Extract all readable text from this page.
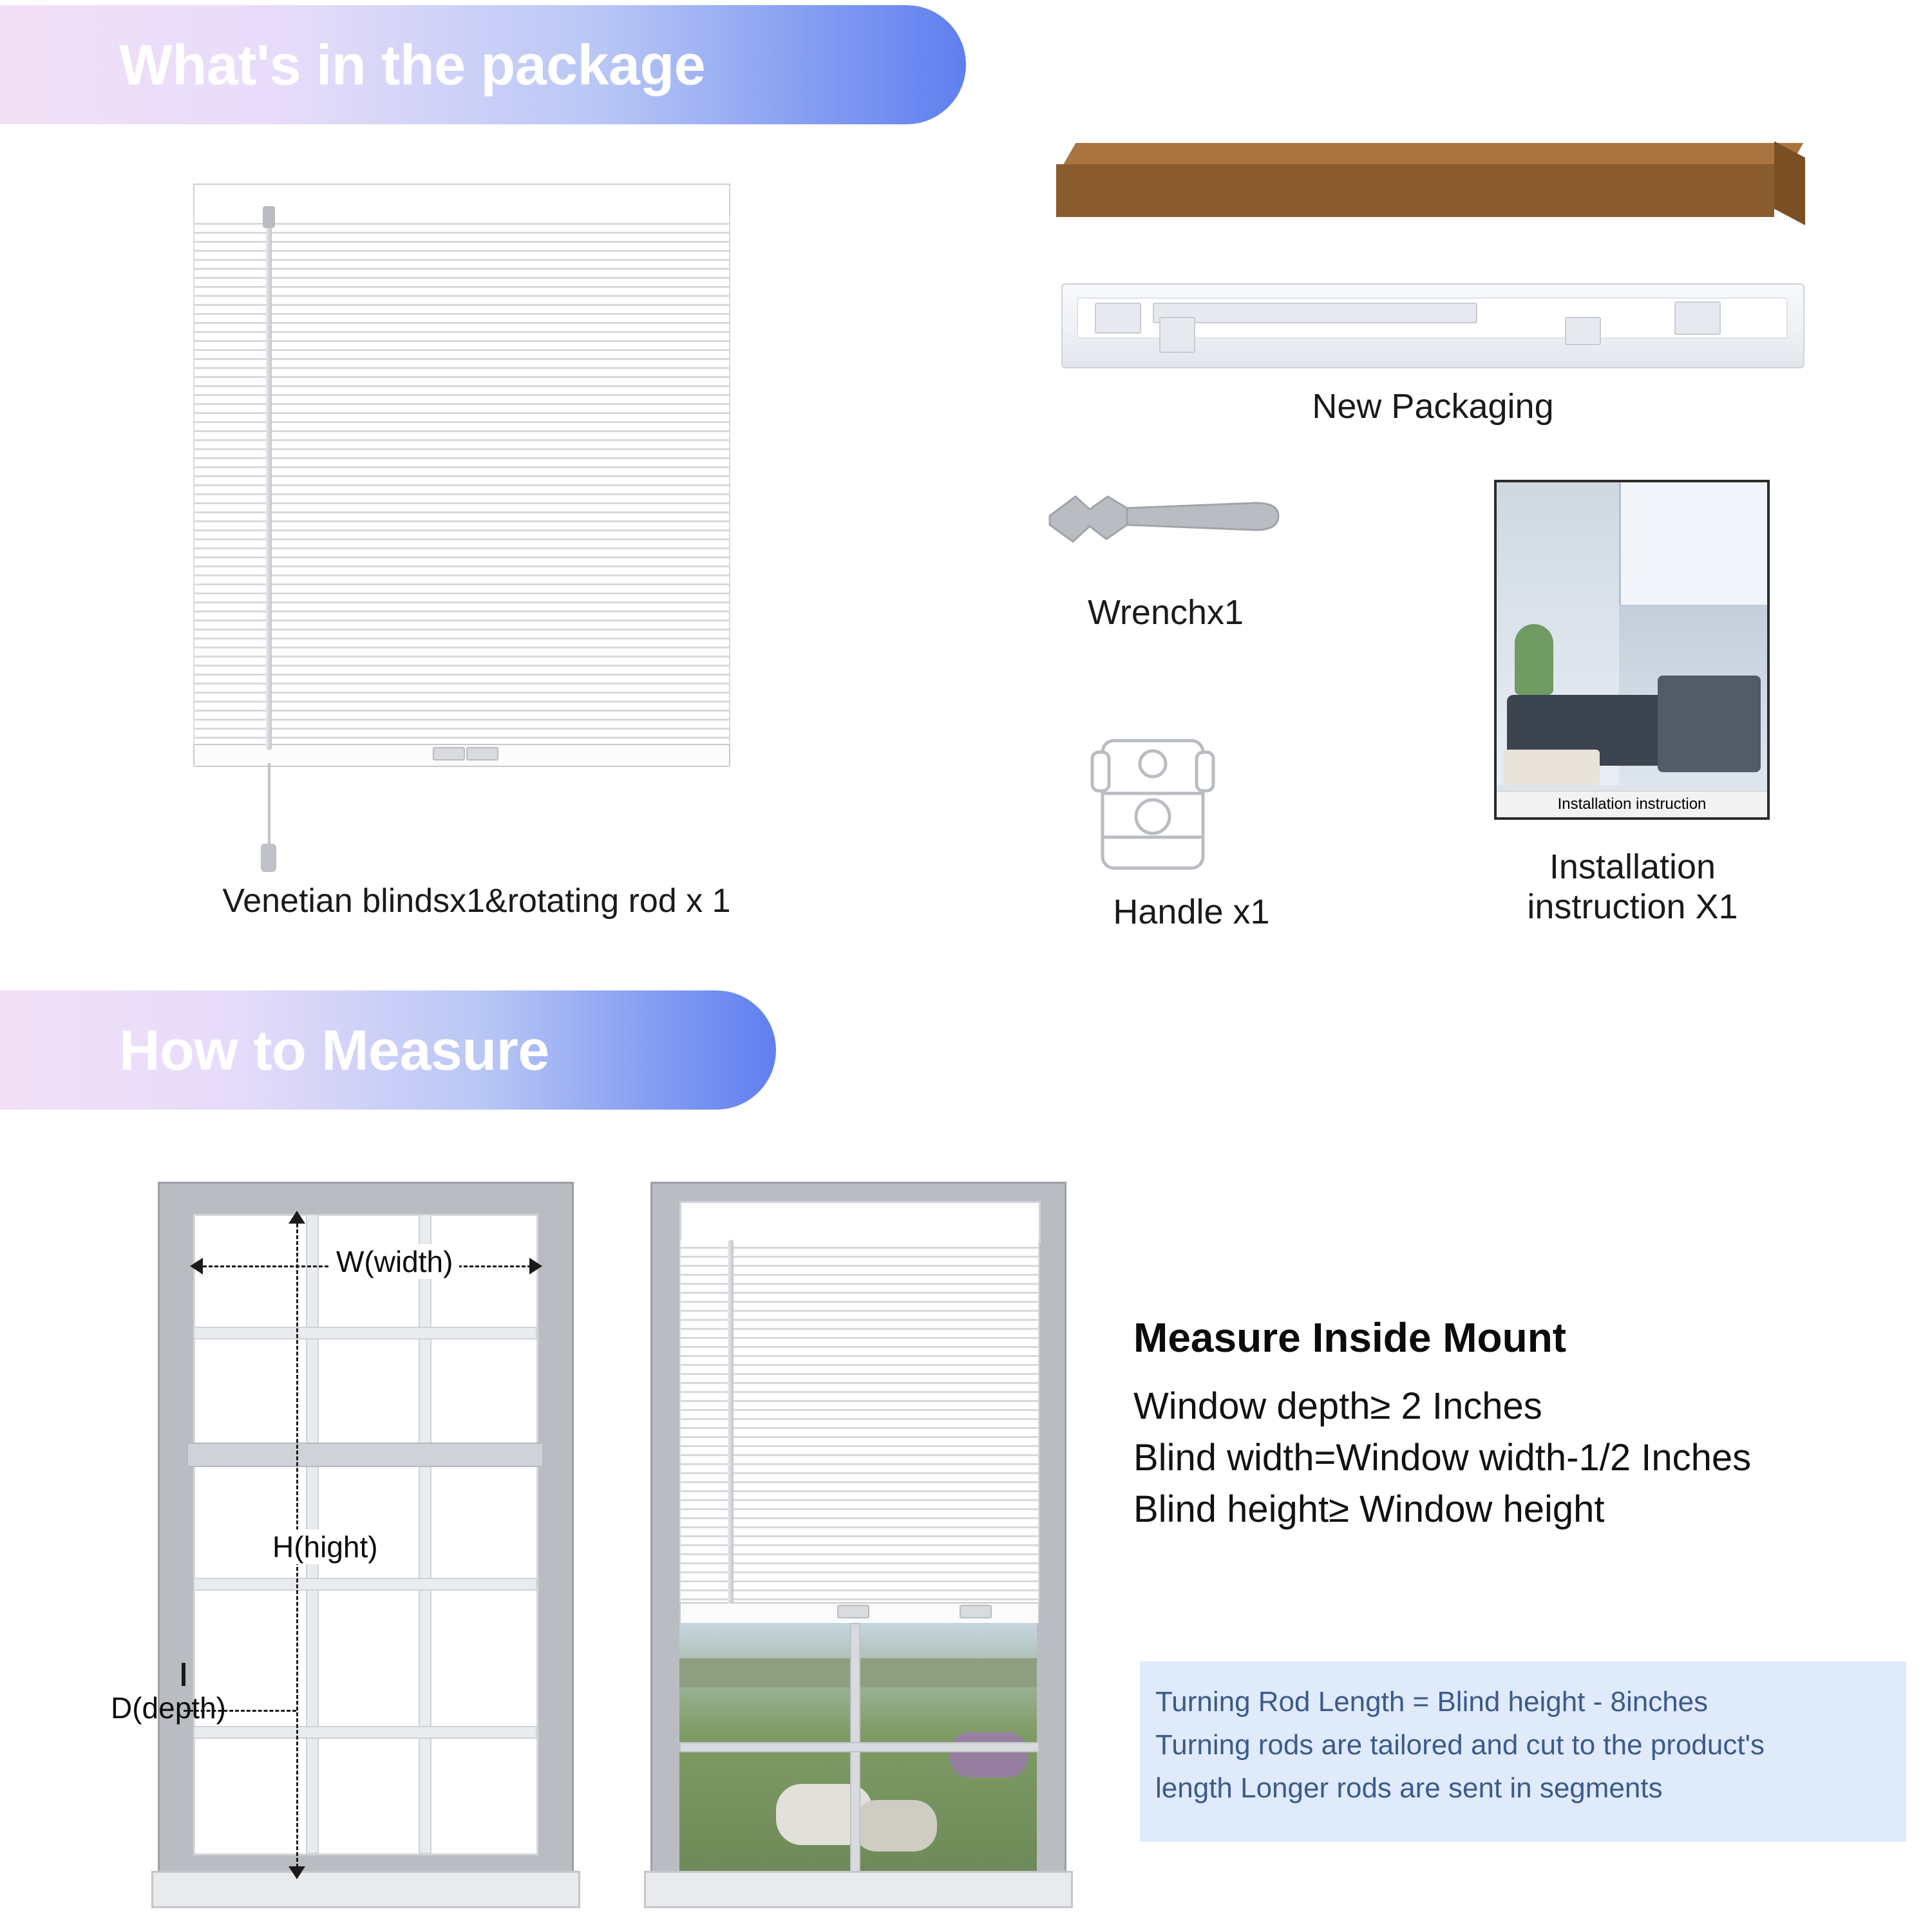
What's in the package
Venetian blindsx1&rotating rod x 1
New Packaging
Wrenchx1
Handle x1
Installation instruction
Installation
instruction X1
How to Measure
W(width)
H(hight)
D(depth)
Measure Inside Mount
Window depth≥ 2 Inches
Blind width=Window width-1/2 Inches
Blind height≥ Window height
Turning Rod Length = Blind height - 8inches
Turning rods are tailored and cut to the product's
length Longer rods are sent in segments
